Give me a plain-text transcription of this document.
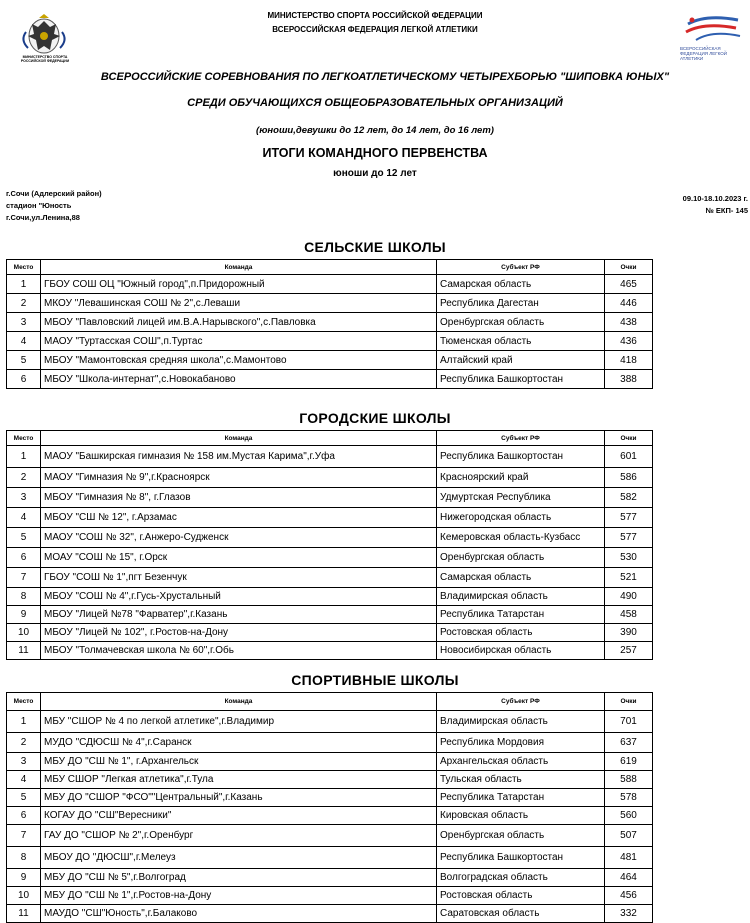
МИНИСТЕРСТВО СПОРТА РОССИЙСКОЙ ФЕДЕРАЦИИ
ВСЕРОССИЙСКАЯ ФЕДЕРАЦИЯ ЛЕГКОЙ АТЛЕТИКИ
МИНИСТЕРСТВО СПОРТА РОССИЙСКОЙ ФЕДЕРАЦИИ
ВСЕРОССИЙСКАЯ ФЕДЕРАЦИЯ ЛЕГКОЙ АТЛЕТИКИ
ВСЕРОССИЙСКИЕ СОРЕВНОВАНИЯ ПО ЛЕГКОАТЛЕТИЧЕСКОМУ ЧЕТЫРЕХБОРЬЮ "ШИПОВКА ЮНЫХ"
СРЕДИ ОБУЧАЮЩИХСЯ ОБЩЕОБРАЗОВАТЕЛЬНЫХ ОРГАНИЗАЦИЙ
(юноши,девушки до 12 лет, до 14 лет, до 16 лет)
ИТОГИ КОМАНДНОГО ПЕРВЕНСТВА
юноши до 12 лет
г.Сочи (Адлерский район)
стадион "Юность
г.Сочи,ул.Ленина,88
09.10-18.10.2023 г.
№ ЕКП- 145
СЕЛЬСКИЕ ШКОЛЫ
Место	Команда	Субъект РФ	Очки
1	ГБОУ СОШ ОЦ "Южный город",п.Придорожный	Самарская область	465
2	МКОУ "Левашинская СОШ № 2",с.Леваши	Республика Дагестан	446
3	МБОУ "Павловский лицей им.В.А.Нарывского",с.Павловка	Оренбургская область	438
4	МАОУ "Туртасская СОШ",п.Туртас	Тюменская область	436
5	МБОУ "Мамонтовская средняя школа",с.Мамонтово	Алтайский край	418
6	МБОУ "Школа-интернат",с.Новокабаново	Республика Башкортостан	388
ГОРОДСКИЕ ШКОЛЫ
Место	Команда	Субъект РФ	Очки
1	МАОУ "Башкирская гимназия № 158 им.Мустая Карима",г.Уфа	Республика Башкортостан	601
2	МАОУ "Гимназия № 9",г.Красноярск	Красноярский край	586
3	МБОУ "Гимназия № 8", г.Глазов	Удмуртская Республика	582
4	МБОУ "СШ № 12", г.Арзамас	Нижегородская область	577
5	МАОУ "СОШ № 32", г.Анжеро-Судженск	Кемеровская область-Кузбасс	577
6	МОАУ "СОШ № 15", г.Орск	Оренбургская область	530
7	ГБОУ "СОШ № 1",пгт Безенчук	Самарская область	521
8	МБОУ "СОШ № 4",г.Гусь-Хрустальный	Владимирская область	490
9	МБОУ "Лицей №78 "Фарватер",г.Казань	Республика Татарстан	458
10	МБОУ "Лицей № 102", г.Ростов-на-Дону	Ростовская область	390
11	МБОУ "Толмачевская школа № 60",г.Обь	Новосибирская область	257
СПОРТИВНЫЕ ШКОЛЫ
Место	Команда	Субъект РФ	Очки
1	МБУ "СШОР № 4 по легкой атлетике",г.Владимир	Владимирская область	701
2	МУДО "СДЮСШ № 4",г.Саранск	Республика Мордовия	637
3	МБУ ДО "СШ № 1", г.Архангельск	Архангельская область	619
4	МБУ СШОР "Легкая атлетика",г.Тула	Тульская область	588
5	МБУ ДО "СШОР "ФСО""Центральный",г.Казань	Республика Татарстан	578
6	КОГАУ ДО "СШ"Вересники"	Кировская область	560
7	ГАУ ДО "СШОР № 2",г.Оренбург	Оренбургская область	507
8	МБОУ ДО "ДЮСШ",г.Мелеуз	Республика Башкортостан	481
9	МБУ ДО "СШ № 5",г.Волгоград	Волгоградская область	464
10	МБУ ДО "СШ № 1",г.Ростов-на-Дону	Ростовская область	456
11	МАУДО "СШ"Юность",г.Балаково	Саратовская область	332
